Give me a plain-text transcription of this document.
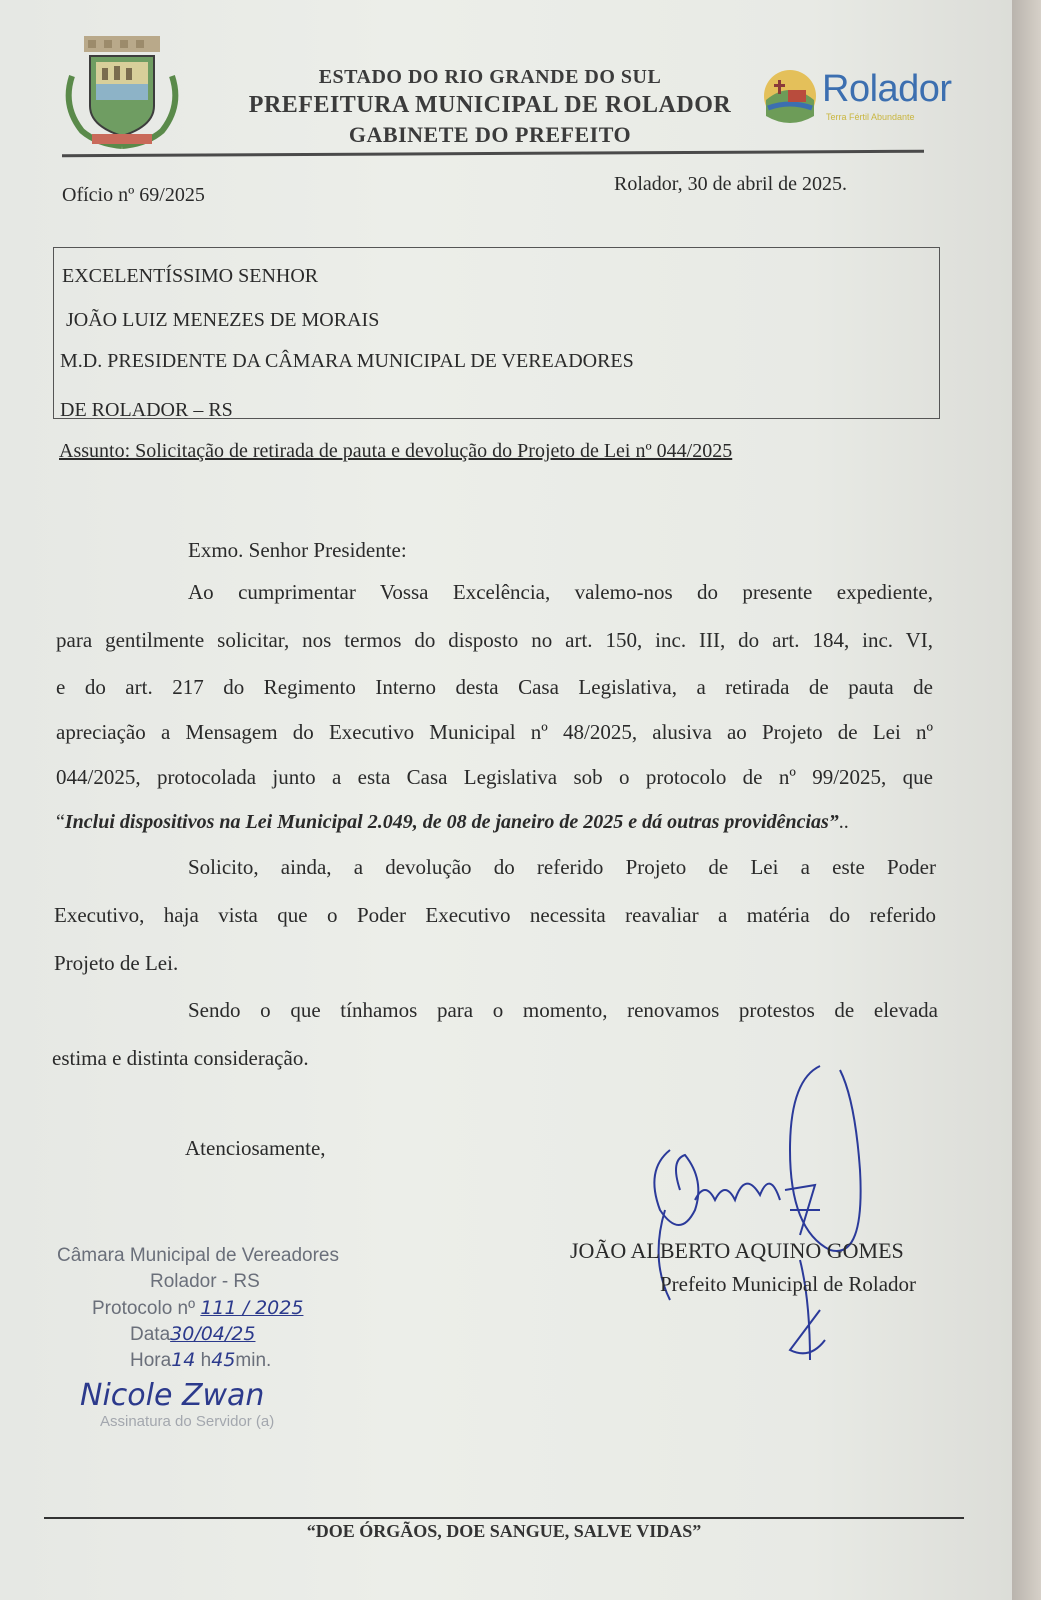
ESTADO DO RIO GRANDE DO SUL
PREFEITURA MUNICIPAL DE ROLADOR
GABINETE DO PREFEITO
Rolador
Terra Fértil Abundante
Ofício nº 69/2025	Rolador, 30 de abril de 2025.
EXCELENTÍSSIMO SENHOR
JOÃO LUIZ MENEZES DE MORAIS
M.D. PRESIDENTE DA CÂMARA MUNICIPAL DE VEREADORES
DE ROLADOR – RS
Assunto: Solicitação de retirada de pauta e devolução do Projeto de Lei nº 044/2025
Exmo. Senhor Presidente:
Ao cumprimentar Vossa Excelência, valemo-nos do presente expediente,
para gentilmente solicitar, nos termos do disposto no art. 150, inc. III, do art. 184, inc. VI,
e do art. 217 do Regimento Interno desta Casa Legislativa, a retirada de pauta de
apreciação a Mensagem do Executivo Municipal nº 48/2025, alusiva ao Projeto de Lei nº
044/2025, protocolada junto a esta Casa Legislativa sob o protocolo de nº 99/2025, que
“Inclui dispositivos na Lei Municipal 2.049, de 08 de janeiro de 2025 e dá outras providências”..
Solicito, ainda, a devolução do referido Projeto de Lei a este Poder
Executivo, haja vista que o Poder Executivo necessita reavaliar a matéria do referido
Projeto de Lei.
Sendo o que tínhamos para o momento, renovamos protestos de elevada
estima e distinta consideração.
Atenciosamente,
JOÃO ALBERTO AQUINO GOMES
Prefeito Municipal de Rolador
Câmara Municipal de Vereadores
Rolador - RS
Protocolo nº 111 / 2025
Data30/04/25
Hora14 h45min.
Nicole Zwan
Assinatura do Servidor (a)
“DOE ÓRGÃOS, DOE SANGUE, SALVE VIDAS”
